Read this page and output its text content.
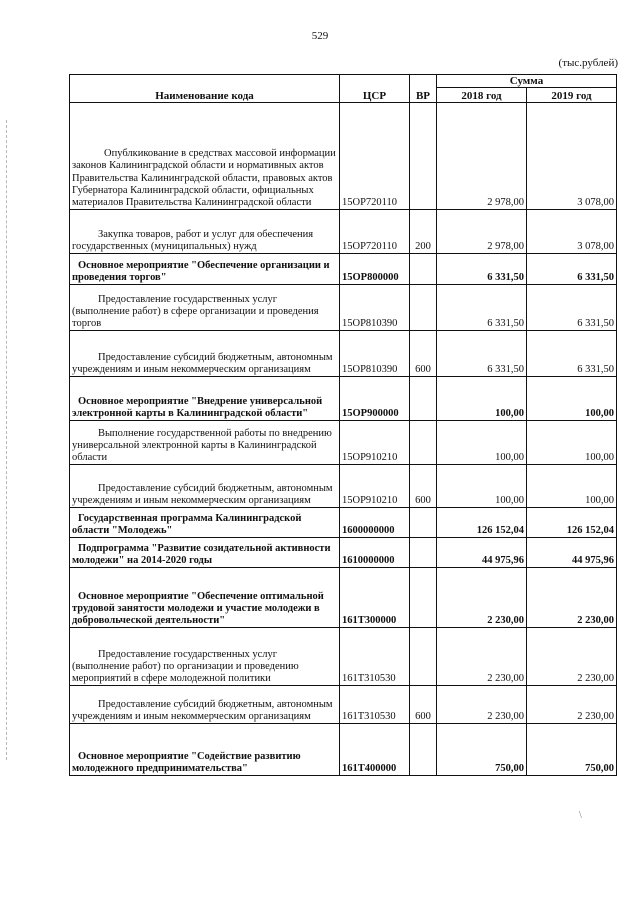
529
(тыс.рублей)
\
Наименование кода	ЦСР	ВР	Сумма	
			2018 год	2019 год
Опублкикование в средствах массовой информации законов Калининградской области и нормативных актов Правительства Калининградской области, правовых актов Губернатора Калининградской области, официальных материалов Правительства Калининградской области	15ОР720110		2 978,00	3 078,00
Закупка товаров, работ и услуг для обеспечения государственных (муниципальных) нужд	15ОР720110	200	2 978,00	3 078,00
Основное мероприятие "Обеспечение организации и проведения торгов"	15ОР800000		6 331,50	6 331,50
Предоставление государственных услуг (выполнение работ) в сфере организации и проведения торгов	15ОР810390		6 331,50	6 331,50
Предоставление субсидий бюджетным, автономным учреждениям и иным некоммерческим организациям	15ОР810390	600	6 331,50	6 331,50
Основное мероприятие "Внедрение универсальной электронной карты в Калининградской области"	15ОР900000		100,00	100,00
Выполнение государственной работы по внедрению универсальной электронной карты в Калининградской области	15ОР910210		100,00	100,00
Предоставление субсидий бюджетным, автономным учреждениям и иным некоммерческим организациям	15ОР910210	600	100,00	100,00
Государственная программа Калининградской области "Молодежь"	1600000000		126 152,04	126 152,04
Подпрограмма "Развитие созидательной активности молодежи" на 2014-2020 годы	1610000000		44 975,96	44 975,96
Основное мероприятие "Обеспечение оптимальной трудовой занятости молодежи и участие молодежи в добровольческой деятельности"	161Т300000		2 230,00	2 230,00
Предоставление государственных услуг (выполнение работ) по организации и проведению мероприятий в сфере молодежной политики	161Т310530		2 230,00	2 230,00
Предоставление субсидий бюджетным, автономным учреждениям и иным некоммерческим организациям	161Т310530	600	2 230,00	2 230,00
Основное мероприятие "Содействие развитию молодежного предпринимательства"	161Т400000		750,00	750,00
